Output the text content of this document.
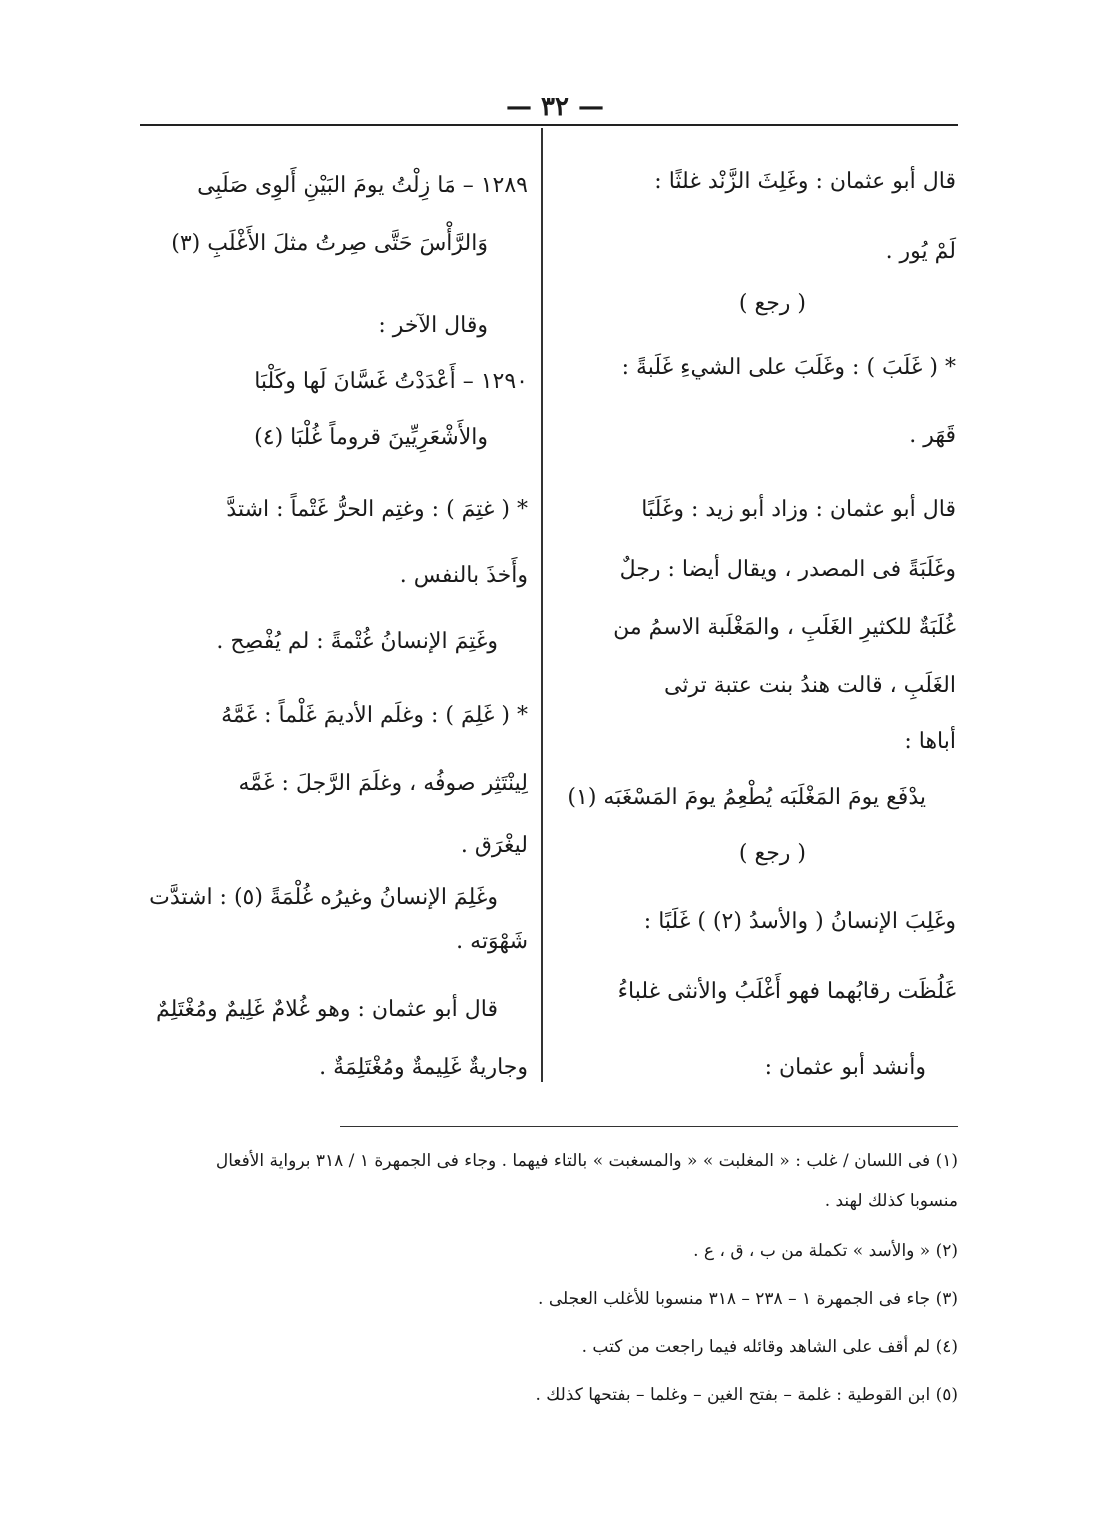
— ٣٢ —
قال أبو عثمان : وغَلِثَ الزَّنْد غلثًا :
لَمْ يُور .
( رجع )
* ( غَلَبَ ) : وغَلَبَ على الشيءِ غَلَبةً :
قَهَر .
قال أبو عثمان : وزاد أبو زيد : وغَلَبًا
وغَلَبَةً فى المصدر ، ويقال أيضا : رجلٌ
غُلَبَةٌ للكثيرِ الغَلَبِ ، والمَغْلَبة الاسمُ من
الغَلَبِ ، قالت هندُ بنت عتبة ترثى
أباها :
يدْفَع يومَ المَغْلَبَه يُطْعِمُ يومَ المَسْغَبَه (١)
( رجع )
وغَلِبَ الإنسانُ ( والأسدُ (٢) ) غَلَبًا :
غَلُظَت رقابُهما فهو أَغْلَبُ والأنثى غلباءُ
وأنشد أبو عثمان :
١٢٨٩ – مَا زِلْتُ يومَ البَيْنِ أَلوِى صَلَبِى
وَالرَّأْسَ حَتَّى صِرتُ مثلَ الأَغْلَبِ (٣)
وقال الآخر :
١٢٩٠ – أَعْدَدْتُ غَسَّانَ لَها وكَلْبَا
والأَشْعَرِيِّينَ قروماً غُلْبَا (٤)
* ( غتِمَ ) : وغتِم الحرُّ غَتْماً : اشتدَّ
وأَخذَ بالنفس .
وغَتِمَ الإنسانُ غُتْمةً : لم يُفْصِح .
* ( غَلِمَ ) : وغلَم الأديمَ غَلْماً : غَمَّهُ
لِينْتَثِر صوفُه ، وغلَمَ الرَّجلَ : غَمَّه
ليغْرَق .
وغَلِمَ الإنسانُ وغيرُه غُلْمَةً (٥) : اشتدَّت
شَهْوَته .
قال أبو عثمان : وهو غُلامٌ غَلِيمٌ ومُغْتَلِمٌ
وجاريةٌ غَلِيمةٌ ومُغْتَلِمَةٌ .
(١) فى اللسان / غلب : « المغلبت » « والمسغبت » بالتاء فيهما . وجاء فى الجمهرة ١ / ٣١٨ برواية الأفعال
منسوبا كذلك لهند .
(٢) « والأسد » تكملة من ب ، ق ، ع .
(٣) جاء فى الجمهرة ١ – ٢٣٨ – ٣١٨ منسوبا للأغلب العجلى .
(٤) لم أقف على الشاهد وقائله فيما راجعت من كتب .
(٥) ابن القوطية : غلمة – بفتح الغين – وغلما – بفتحها كذلك .
